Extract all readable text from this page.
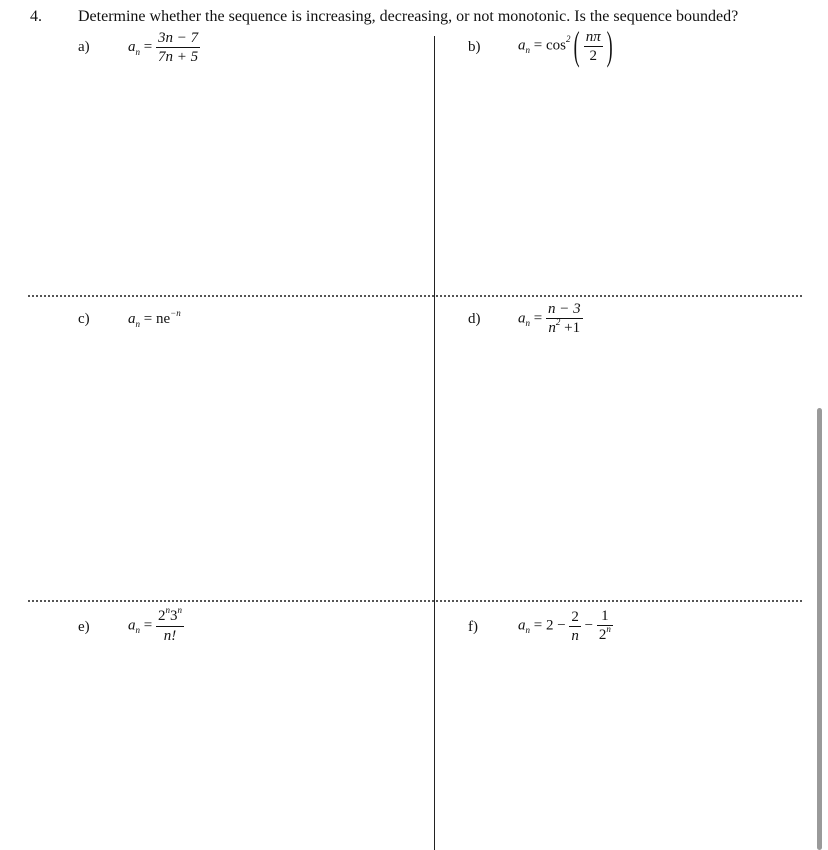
4. Determine whether the sequence is increasing, decreasing, or not monotonic. Is the sequence bounded?
a)	$a_n = \frac{3n - 7}{7n + 5}$	b)	$a_n = \cos^2( \frac{n\pi}{2}$ )
c)	$a_n = ne^{-n}$	d)	$a_n = \frac{n - 3}{n^2 +1}$
e)	$a_n = \frac{2^n3^n}{n!}$	f)	$a_n = 2 - \frac{2}{n} - \frac{1}{2^n}$
